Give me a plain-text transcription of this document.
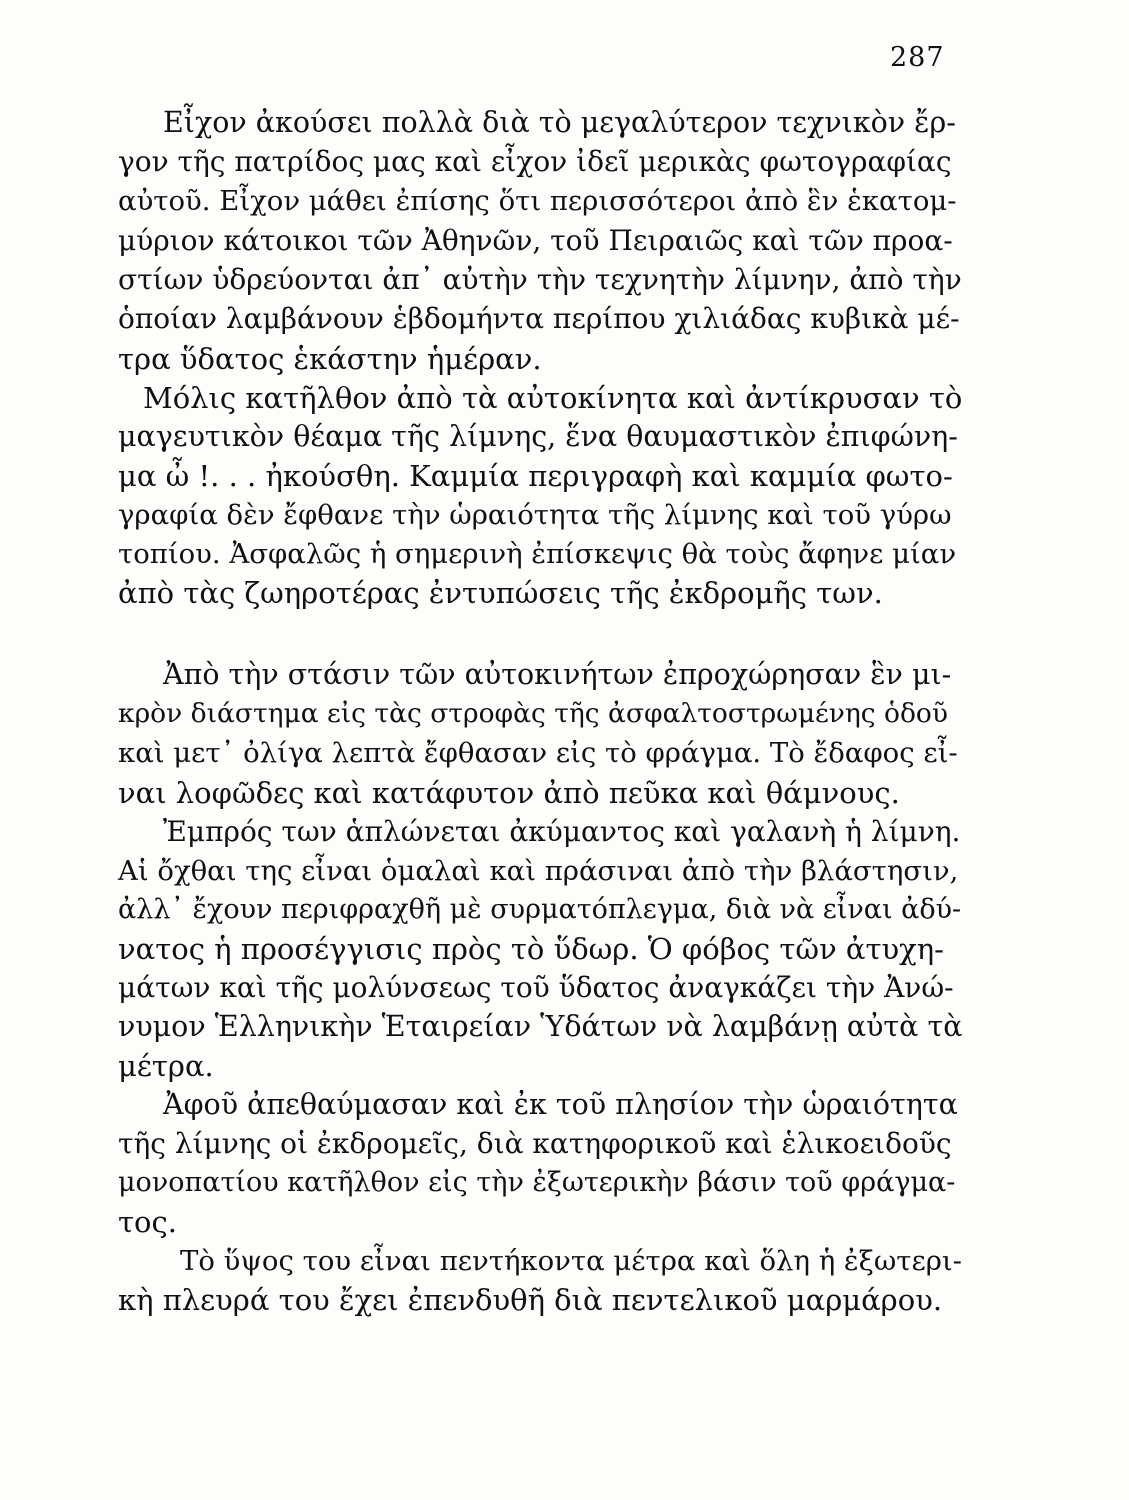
287
Εἶχον ἀκούσει πολλὰ διὰ τὸ μεγαλύτερον τεχνικὸν ἔρ-
γον τῆς πατρίδος μας καὶ εἶχον ἰδεῖ μερικὰς φωτογραφίας
αὐτοῦ. Εἶχον μάθει ἐπίσης ὅτι περισσότεροι ἀπὸ ἓν ἑκατομ-
μύριον κάτοικοι τῶν Ἀθηνῶν, τοῦ Πειραιῶς καὶ τῶν προα-
στίων ὑδρεύονται ἀπ᾽ αὐτὴν τὴν τεχνητὴν λίμνην, ἀπὸ τὴν
ὁποίαν λαμβάνουν ἑβδομήντα περίπου χιλιάδας κυβικὰ μέ-
τρα ὕδατος ἑκάστην ἡμέραν.
Μόλις κατῆλθον ἀπὸ τὰ αὐτοκίνητα καὶ ἀντίκρυσαν τὸ
μαγευτικὸν θέαμα τῆς λίμνης, ἕνα θαυμαστικὸν ἐπιφώνη-
μα ὦ !. . . ἠκούσθη. Καμμία περιγραφὴ καὶ καμμία φωτο-
γραφία δὲν ἔφθανε τὴν ὡραιότητα τῆς λίμνης καὶ τοῦ γύρω
τοπίου. Ἀσφαλῶς ἡ σημερινὴ ἐπίσκεψις θὰ τοὺς ἄφηνε μίαν
ἀπὸ τὰς ζωηροτέρας ἐντυπώσεις τῆς ἐκδρομῆς των.
Ἀπὸ τὴν στάσιν τῶν αὐτοκινήτων ἐπροχώρησαν ἓν μι-
κρὸν διάστημα εἰς τὰς στροφὰς τῆς ἀσφαλτοστρωμένης ὁδοῦ
καὶ μετ᾽ ὀλίγα λεπτὰ ἔφθασαν εἰς τὸ φράγμα. Τὸ ἔδαφος εἶ-
ναι λοφῶδες καὶ κατάφυτον ἀπὸ πεῦκα καὶ θάμνους.
Ἐμπρός των ἁπλώνεται ἀκύμαντος καὶ γαλανὴ ἡ λίμνη.
Αἱ ὄχθαι της εἶναι ὁμαλαὶ καὶ πράσιναι ἀπὸ τὴν βλάστησιν,
ἀλλ᾽ ἔχουν περιφραχθῆ μὲ συρματόπλεγμα, διὰ νὰ εἶναι ἀδύ-
νατος ἡ προσέγγισις πρὸς τὸ ὕδωρ. Ὁ φόβος τῶν ἀτυχη-
μάτων καὶ τῆς μολύνσεως τοῦ ὕδατος ἀναγκάζει τὴν Ἀνώ-
νυμον Ἑλληνικὴν Ἑταιρείαν Ὑδάτων νὰ λαμβάνῃ αὐτὰ τὰ
μέτρα.
Ἀφοῦ ἀπεθαύμασαν καὶ ἐκ τοῦ πλησίον τὴν ὡραιότητα
τῆς λίμνης οἱ ἐκδρομεῖς, διὰ κατηφορικοῦ καὶ ἑλικοειδοῦς
μονοπατίου κατῆλθον εἰς τὴν ἐξωτερικὴν βάσιν τοῦ φράγμα-
τος.
Τὸ ὕψος του εἶναι πεντήκοντα μέτρα καὶ ὅλη ἡ ἐξωτερι-
κὴ πλευρά του ἔχει ἐπενδυθῆ διὰ πεντελικοῦ μαρμάρου.
